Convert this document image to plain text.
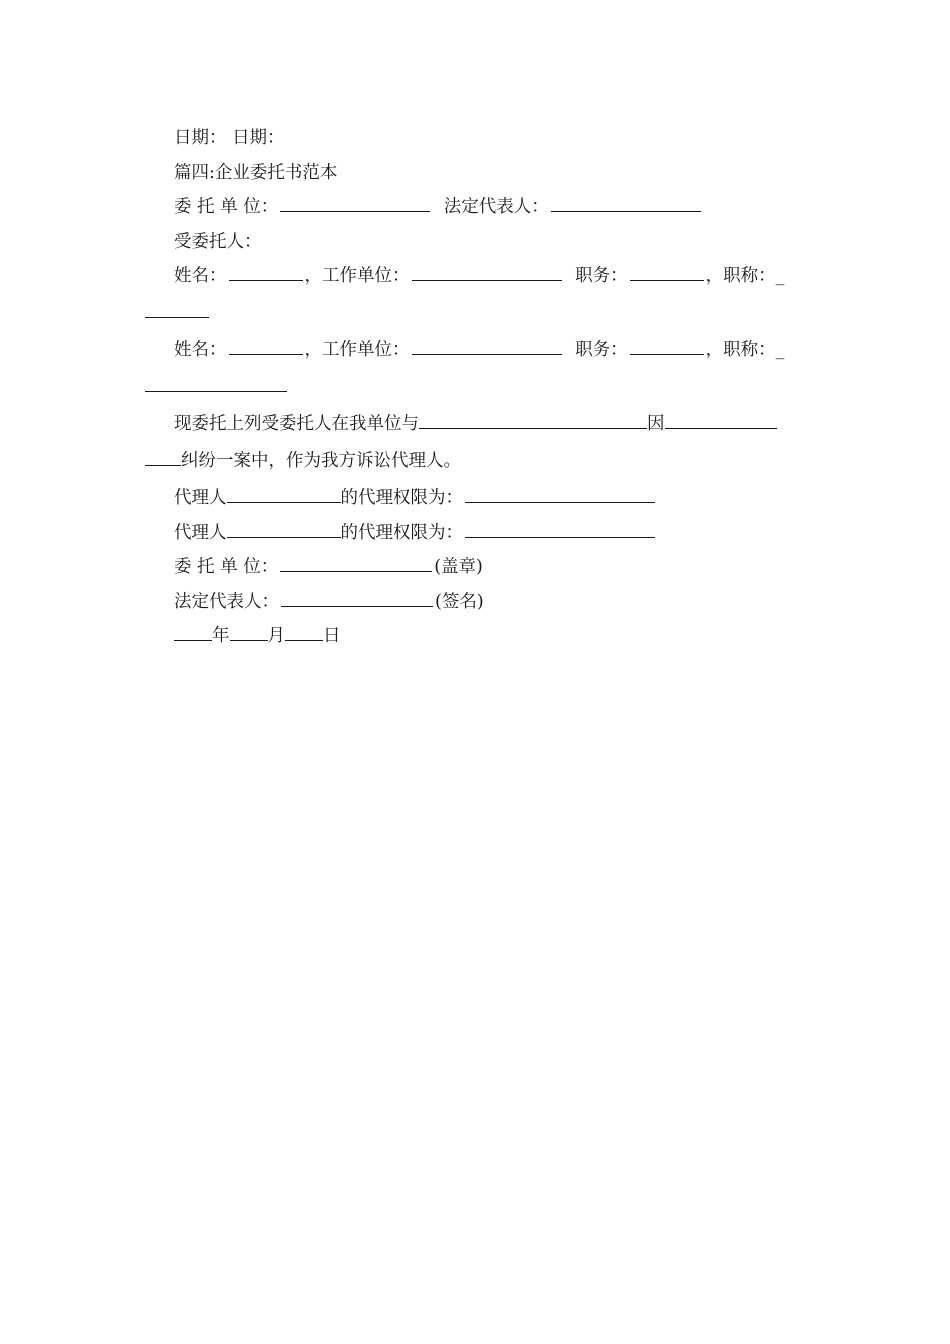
日期： 日期：
篇四:企业委托书范本
委 托 单 位：	法定代表人：
受委托人：
姓名：	，工作单位：	职务：	，职称：_
姓名：	，工作单位：	职务：	，职称：_
现委托上列受委托人在我单位与	因
纠纷一案中，作为我方诉讼代理人。
代理人	的代理权限为：
代理人	的代理权限为：
委 托 单 位：	(盖章)
法定代表人：	(签名)
年 月 日
